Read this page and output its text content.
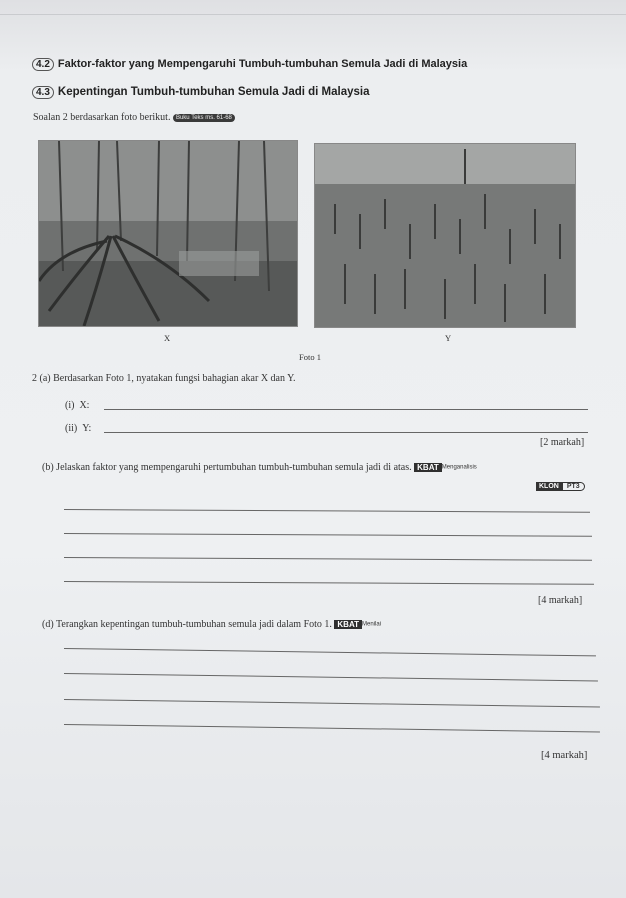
4.2 Faktor-faktor yang Mempengaruhi Tumbuh-tumbuhan Semula Jadi di Malaysia
4.3 Kepentingan Tumbuh-tumbuhan Semula Jadi di Malaysia
Soalan 2 berdasarkan foto berikut. Buku Teks ms. 61-68
X	Y
Foto 1
2 (a) Berdasarkan Foto 1, nyatakan fungsi bahagian akar X dan Y.
(i) X:
(ii) Y:
[2 markah]
(b) Jelaskan faktor yang mempengaruhi pertumbuhan tumbuh-tumbuhan semula jadi di atas. KBAT Menganalisis
KLON PT3
[4 markah]
(d) Terangkan kepentingan tumbuh-tumbuhan semula jadi dalam Foto 1. KBAT Menilai
[4 markah]
